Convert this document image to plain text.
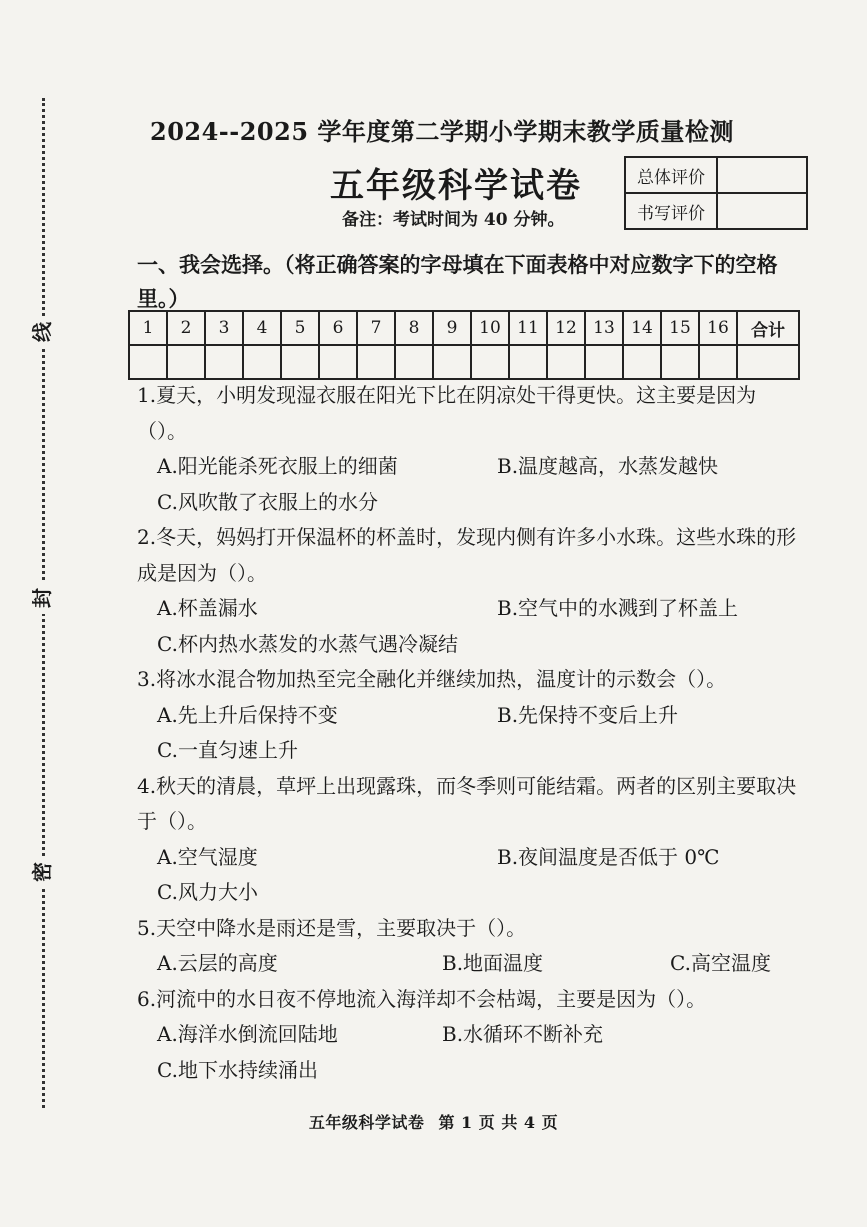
线
封
密
2024--2025 学年度第二学期小学期末教学质量检测
五年级科学试卷
备注：考试时间为 40 分钟。
总体评价	
书写评价	
一、我会选择。（将正确答案的字母填在下面表格中对应数字下的空格里。）
1	2	3	4	5	6	7	8	9	10	11	12	13	14	15	16	合计

1.夏天，小明发现湿衣服在阳光下比在阴凉处干得更快。这主要是因为（）。

A.阳光能杀死衣服上的细菌	B.温度越高，水蒸发越快
C.风吹散了衣服上的水分

2.冬天，妈妈打开保温杯的杯盖时，发现内侧有许多小水珠。这些水珠的形成是因为（）。

A.杯盖漏水	B.空气中的水溅到了杯盖上
C.杯内热水蒸发的水蒸气遇冷凝结

3.将冰水混合物加热至完全融化并继续加热，温度计的示数会（）。

A.先上升后保持不变	B.先保持不变后上升
C.一直匀速上升

4.秋天的清晨，草坪上出现露珠，而冬季则可能结霜。两者的区别主要取决于（）。

A.空气湿度	B.夜间温度是否低于 0℃
C.风力大小

5.天空中降水是雨还是雪，主要取决于（）。

A.云层的高度	B.地面温度	C.高空温度

6.河流中的水日夜不停地流入海洋却不会枯竭，主要是因为（）。

A.海洋水倒流回陆地	B.水循环不断补充
C.地下水持续涌出
五年级科学试卷 第 1 页 共 4 页
